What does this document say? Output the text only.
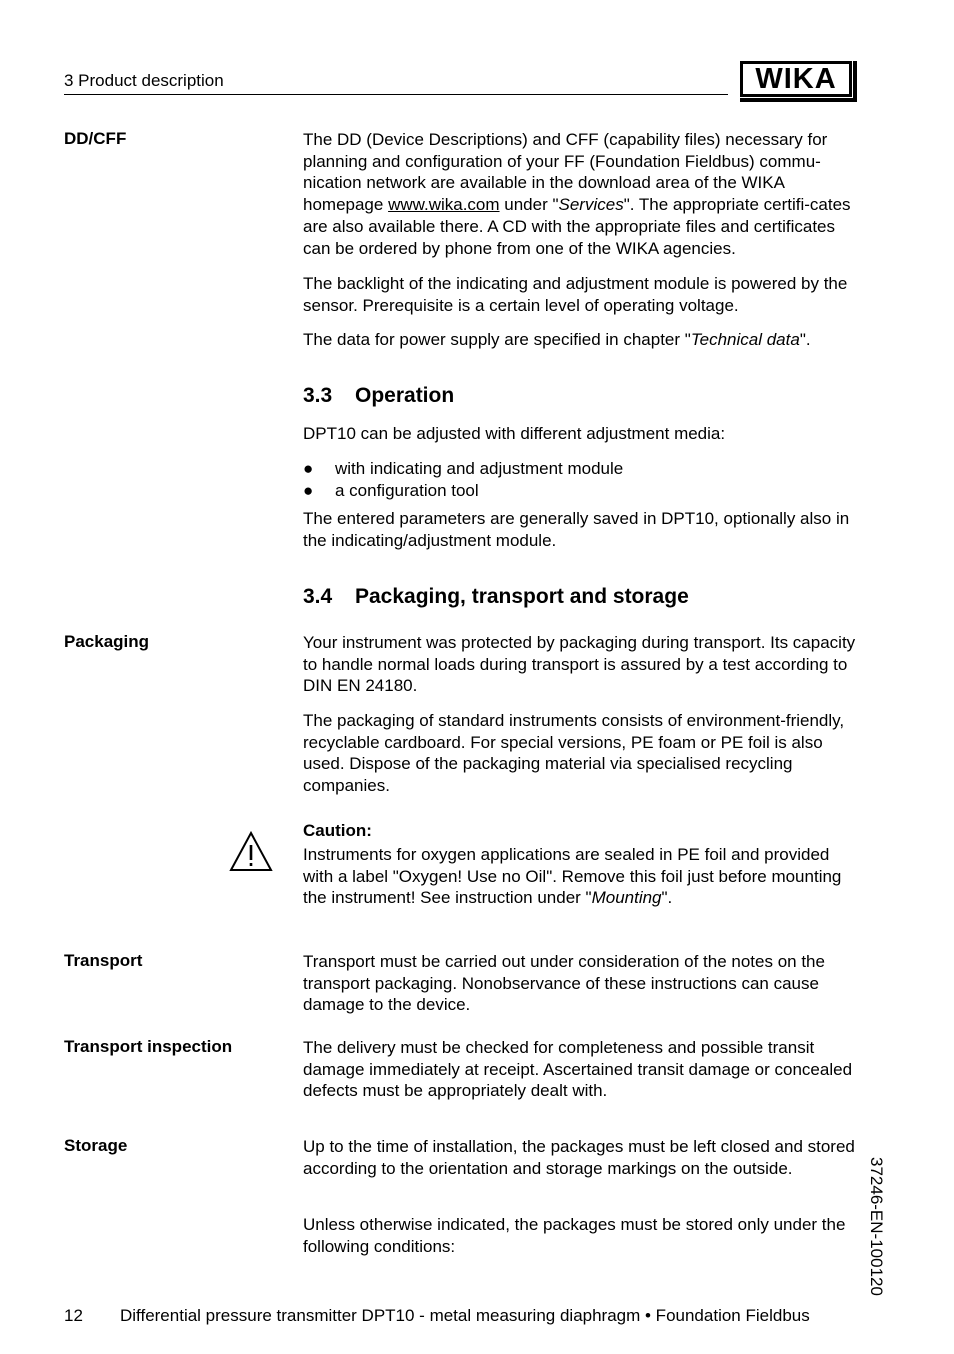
3 Product description	WIKA
DD/CFF	The DD (Device Descriptions) and CFF (capability files) necessary for planning and configuration of your FF (Foundation Fieldbus) commu-nication network are available in the download area of the WIKA homepage www.wika.com under "Services". The appropriate certifi-cates are also available there. A CD with the appropriate files and certificates can be ordered by phone from one of the WIKA agencies.
The backlight of the indicating and adjustment module is powered by the sensor. Prerequisite is a certain level of operating voltage.
The data for power supply are specified in chapter "Technical data".
3.3 Operation
DPT10 can be adjusted with different adjustment media:
●	with indicating and adjustment module
●	a configuration tool
The entered parameters are generally saved in DPT10, optionally also in the indicating/adjustment module.
3.4 Packaging, transport and storage
Packaging	Your instrument was protected by packaging during transport. Its capacity to handle normal loads during transport is assured by a test according to DIN EN 24180.
The packaging of standard instruments consists of environment-friendly, recyclable cardboard. For special versions, PE foam or PE foil is also used. Dispose of the packaging material via specialised recycling companies.
Caution:
Instruments for oxygen applications are sealed in PE foil and provided with a label "Oxygen! Use no Oil". Remove this foil just before mounting the instrument! See instruction under "Mounting".
Transport	Transport must be carried out under consideration of the notes on the transport packaging. Nonobservance of these instructions can cause damage to the device.
Transport inspection	The delivery must be checked for completeness and possible transit damage immediately at receipt. Ascertained transit damage or concealed defects must be appropriately dealt with.
Storage	Up to the time of installation, the packages must be left closed and stored according to the orientation and storage markings on the outside.
Unless otherwise indicated, the packages must be stored only under the following conditions:	37246-EN-100120
12	Differential pressure transmitter DPT10 - metal measuring diaphragm • Foundation Fieldbus
